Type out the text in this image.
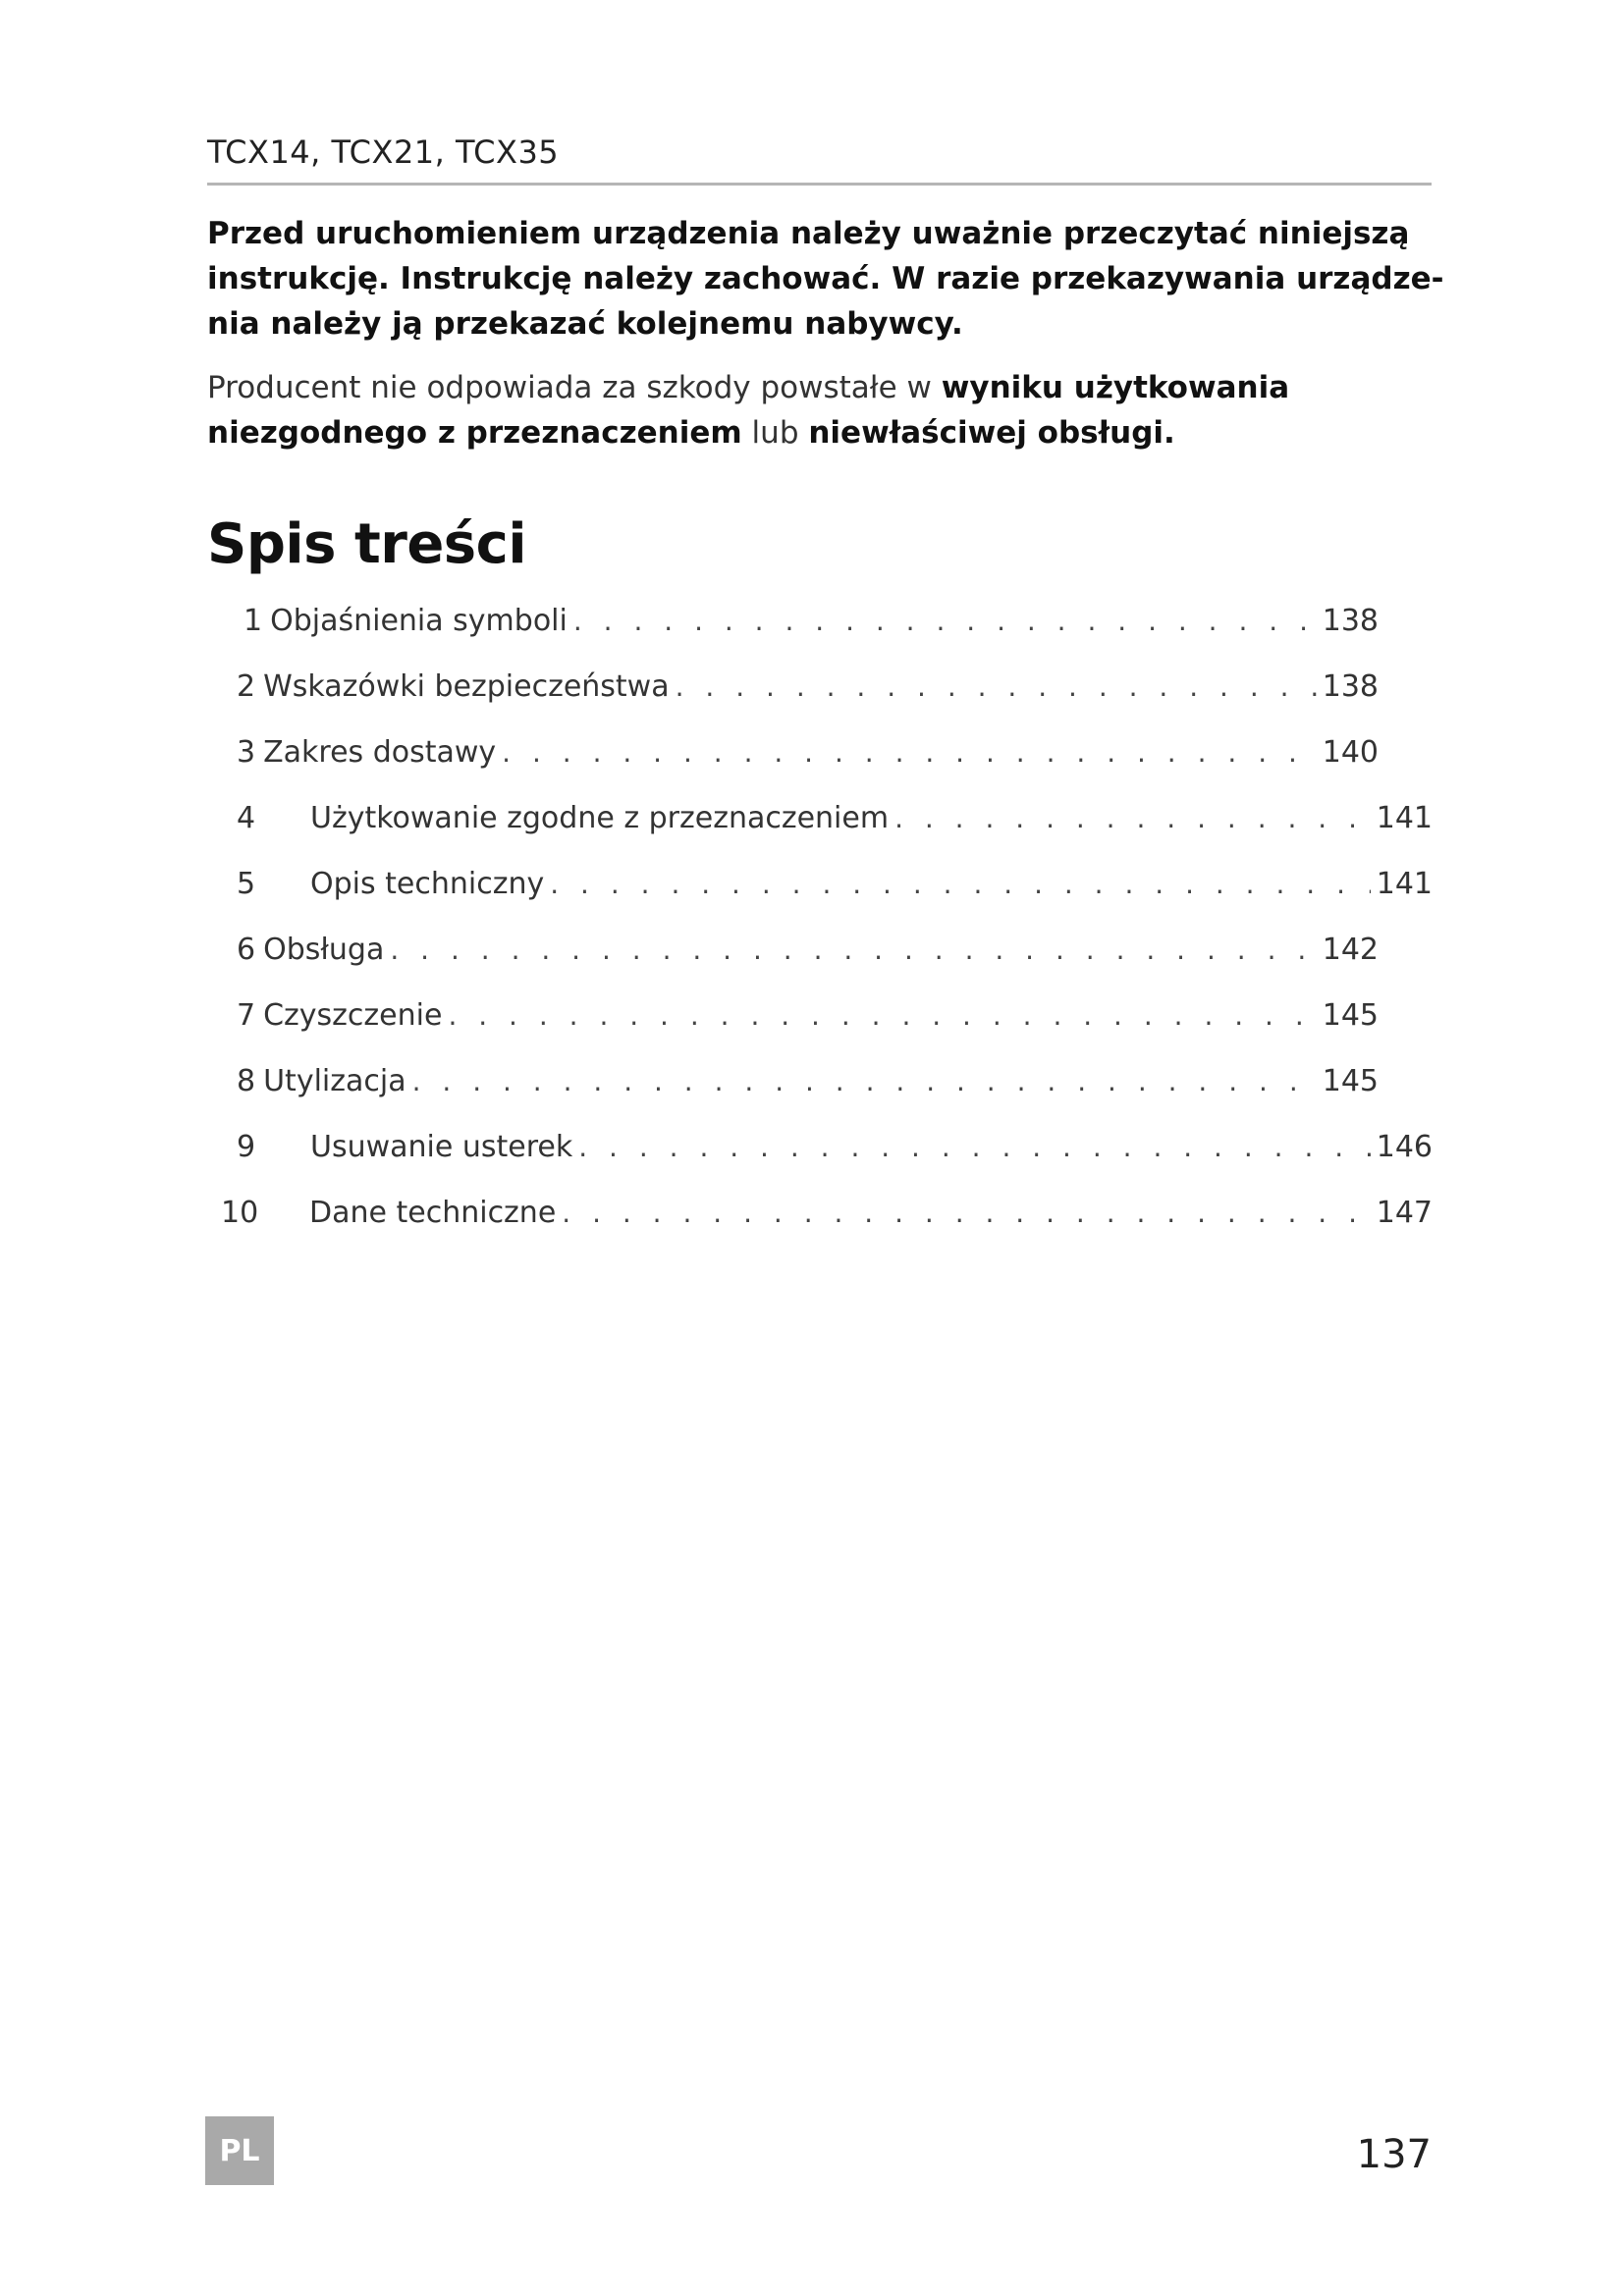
TCX14, TCX21, TCX35
Przed uruchomieniem urządzenia należy uważnie przeczytać niniejszą
instrukcję. Instrukcję należy zachować. W razie przekazywania urządze-
nia należy ją przekazać kolejnemu nabywcy.
Producent nie odpowiada za szkody powstałe w wyniku użytkowania
niezgodnego z przeznaczeniem lub niewłaściwej obsługi.
Spis treści
1 Objaśnienia symboli . . .	138
2 Wskazówki bezpieczeństwa . . .	138
3 Zakres dostawy . . .	140
4	Użytkowanie zgodne z przeznaczeniem . . .	141
5	Opis techniczny . . .	141
6 Obsługa . . .	142
7 Czyszczenie . . .	145
8 Utylizacja . . .	145
9	Usuwanie usterek . . .	146
10	Dane techniczne . . .	147
PL	137
